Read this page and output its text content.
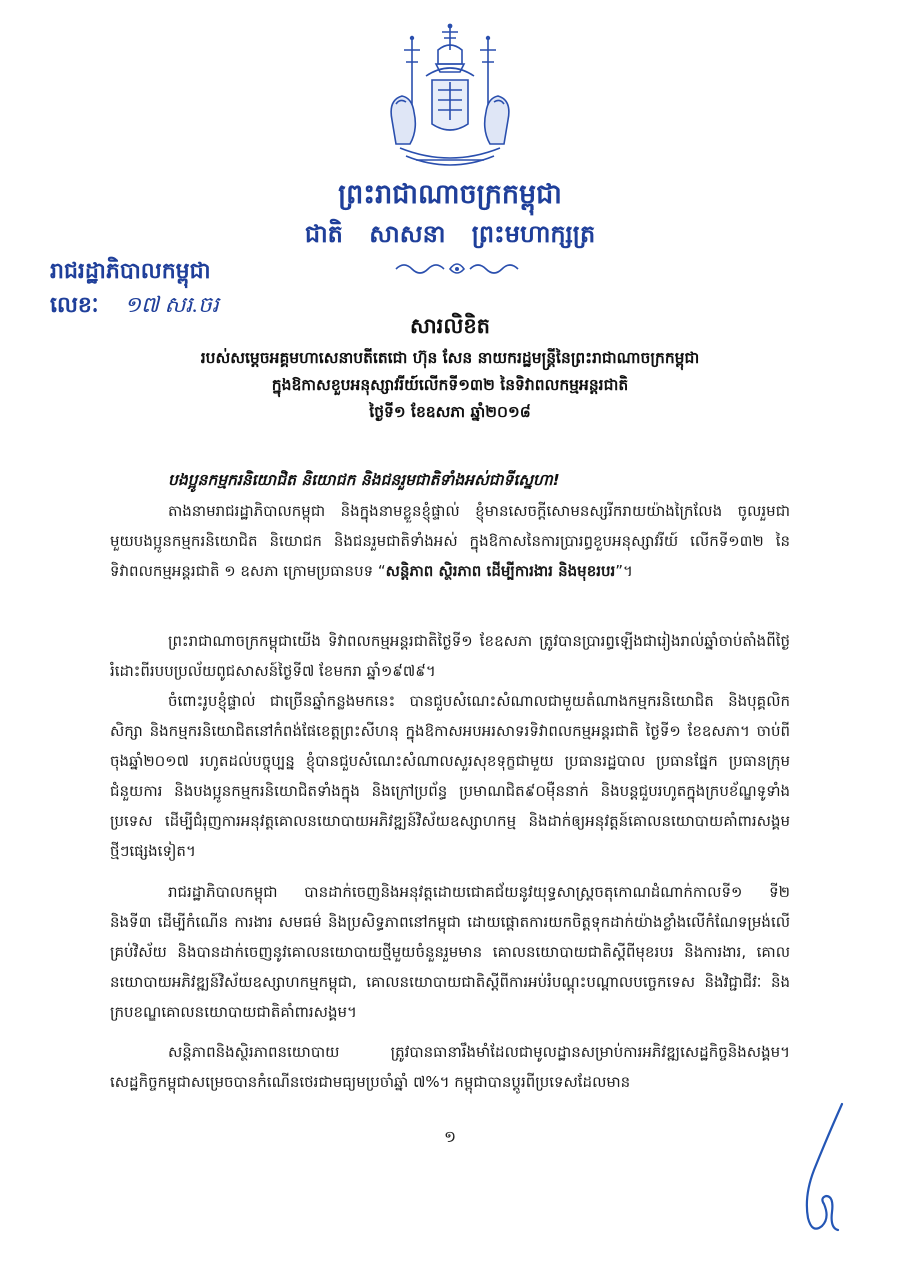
ព្រះរាជាណាចក្រកម្ពុជា
ជាតិ សាសនា ព្រះមហាក្សត្រ
រាជរដ្ឋាភិបាលកម្ពុជា
លេខៈ ១៧ សរ.ចរ
សារលិខិត
របស់សម្តេចអគ្គមហាសេនាបតីតេជោ ហ៊ុន សែន នាយករដ្ឋមន្ត្រីនៃព្រះរាជាណាចក្រកម្ពុជា
ក្នុងឱកាសខួបអនុស្សាវរីយ៍លើកទី១៣២ នៃទិវាពលកម្មអន្តរជាតិ
ថ្ងៃទី១ ខែឧសភា ឆ្នាំ២០១៨
បងប្អូនកម្មករនិយោជិត និយោជក និងជនរួមជាតិទាំងអស់ជាទីស្នេហា!

តាងនាមរាជរដ្ឋាភិបាលកម្ពុជា និងក្នុងនាមខ្លួនខ្ញុំផ្ទាល់ ខ្ញុំមានសេចក្តីសោមនស្សរីករាយយ៉ាងក្រៃលែង ចូលរួមជាមួយបងប្អូនកម្មករនិយោជិត និយោជក និងជនរួមជាតិទាំងអស់ ក្នុងឱកាសនៃការប្រារព្ធខួបអនុស្សាវរីយ៍ លើកទី១៣២ នៃទិវាពលកម្មអន្តរជាតិ ១ ឧសភា ក្រោមប្រធានបទ “សន្តិភាព ស្ថិរភាព ដើម្បីការងារ និងមុខរបរ”។

ព្រះរាជាណាចក្រកម្ពុជាយើង ទិវាពលកម្មអន្តរជាតិថ្ងៃទី១ ខែឧសភា ត្រូវបានប្រារព្ធឡើងជារៀងរាល់ឆ្នាំចាប់តាំងពីថ្ងៃរំដោះពីរបបប្រល័យពូជសាសន៍ថ្ងៃទី៧ ខែមករា ឆ្នាំ១៩៧៩។

ចំពោះរូបខ្ញុំផ្ទាល់ ជាច្រើនឆ្នាំកន្លងមកនេះ បានជួបសំណេះសំណាលជាមួយតំណាងកម្មករនិយោជិត និងបុគ្គលិកសិក្សា និងកម្មករនិយោជិតនៅកំពង់ផែខេត្តព្រះសីហនុ ក្នុងឱកាសអបអរសាទរទិវាពលកម្មអន្តរជាតិ ថ្ងៃទី១ ខែឧសភា។ ចាប់ពីចុងឆ្នាំ២០១៧ រហូតដល់បច្ចុប្បន្ន ខ្ញុំបានជួបសំណេះសំណាលសួរសុខទុក្ខជាមួយ ប្រធានរដ្ឋបាល ប្រធានផ្នែក ប្រធានក្រុម ជំនួយការ និងបងប្អូនកម្មករនិយោជិតទាំងក្នុង និងក្រៅប្រព័ន្ធ ប្រមាណជិត៩០ម៉ឺននាក់ និងបន្តជួបរហូតក្នុងក្របខ័ណ្ឌទូទាំងប្រទេស ដើម្បីជំរុញការអនុវត្តគោលនយោបាយអភិវឌ្ឍន៍វិស័យឧស្សាហកម្ម និងដាក់ឲ្យអនុវត្តន៍គោលនយោបាយគាំពារសង្គមថ្មីៗផ្សេងទៀត។

រាជរដ្ឋាភិបាលកម្ពុជា បានដាក់ចេញនិងអនុវត្តដោយជោគជ័យនូវយុទ្ធសាស្ត្រចតុកោណដំណាក់កាលទី១ ទី២ និងទី៣ ដើម្បីកំណើន ការងារ សមធម៌ និងប្រសិទ្ធភាពនៅកម្ពុជា ដោយផ្តោតការយកចិត្តទុកដាក់យ៉ាងខ្លាំងលើកំណែទម្រង់លើគ្រប់វិស័យ និងបានដាក់ចេញនូវគោលនយោបាយថ្មីមួយចំនួនរួមមាន គោលនយោបាយជាតិស្តីពីមុខរបរ និងការងារ, គោលនយោបាយអភិវឌ្ឍន៍វិស័យឧស្សាហកម្មកម្ពុជា, គោលនយោបាយជាតិស្តីពីការអប់រំបណ្តុះបណ្តាលបច្ចេកទេស និងវិជ្ជាជីវៈ និងក្របខណ្ឌគោលនយោបាយជាតិគាំពារសង្គម។

សន្តិភាពនិងស្ថិរភាពនយោបាយ ត្រូវបានធានារឹងមាំដែលជាមូលដ្ឋានសម្រាប់ការអភិវឌ្ឍសេដ្ឋកិច្ចនិងសង្គម។ សេដ្ឋកិច្ចកម្ពុជាសម្រេចបានកំណើនថេរជាមធ្យមប្រចាំឆ្នាំ ៧%។ កម្ពុជាបានប្តូរពីប្រទេសដែលមាន

១
